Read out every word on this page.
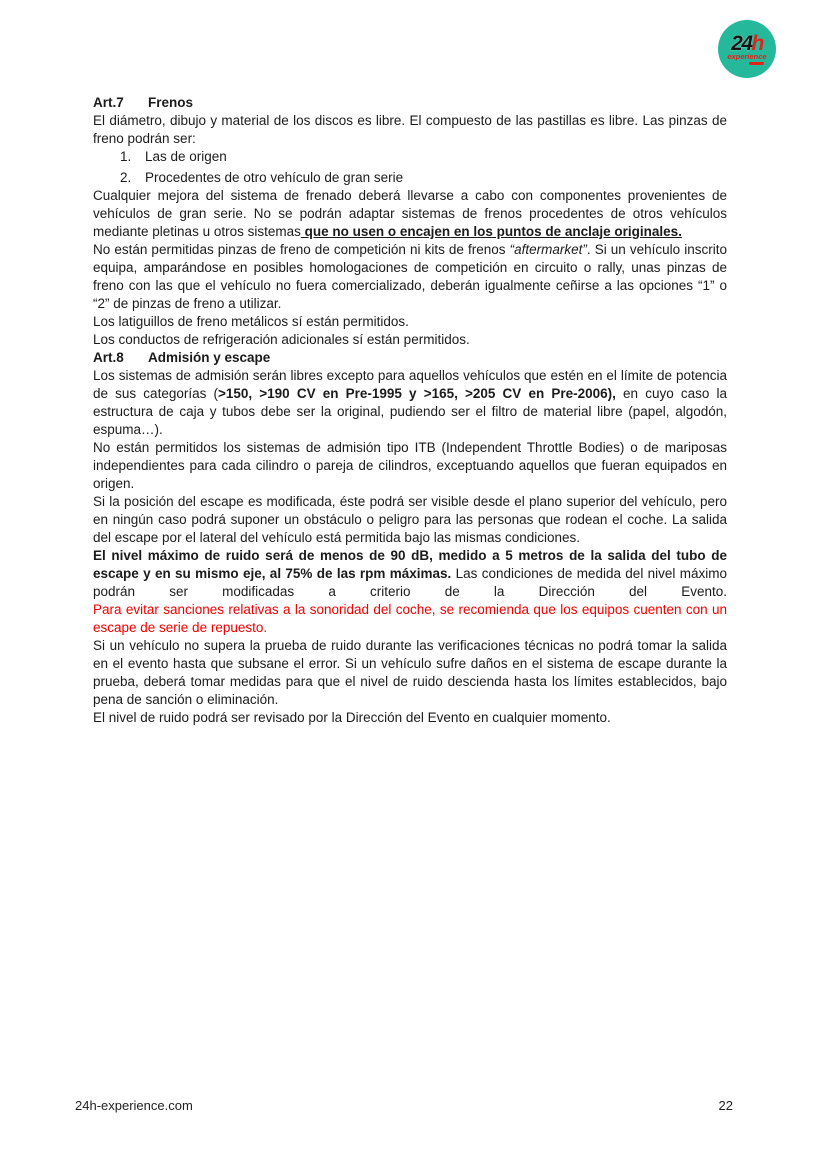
24h
experience
Art.7 Frenos

El diámetro, dibujo y material de los discos es libre. El compuesto de las pastillas es libre. Las pinzas de freno podrán ser:

1.	Las de origen
2.	Procedentes de otro vehículo de gran serie

Cualquier mejora del sistema de frenado deberá llevarse a cabo con componentes provenientes de vehículos de gran serie. No se podrán adaptar sistemas de frenos procedentes de otros vehículos mediante pletinas u otros sistemas que no usen o encajen en los puntos de anclaje originales.

No están permitidas pinzas de freno de competición ni kits de frenos “aftermarket”. Si un vehículo inscrito equipa, amparándose en posibles homologaciones de competición en circuito o rally, unas pinzas de freno con las que el vehículo no fuera comercializado, deberán igualmente ceñirse a las opciones “1” o “2” de pinzas de freno a utilizar.

Los latiguillos de freno metálicos sí están permitidos.

Los conductos de refrigeración adicionales sí están permitidos.

Art.8 Admisión y escape

Los sistemas de admisión serán libres excepto para aquellos vehículos que estén en el límite de potencia de sus categorías (>150, >190 CV en Pre-1995 y >165, >205 CV en Pre-2006), en cuyo caso la estructura de caja y tubos debe ser la original, pudiendo ser el filtro de material libre (papel, algodón, espuma…).

No están permitidos los sistemas de admisión tipo ITB (Independent Throttle Bodies) o de mariposas independientes para cada cilindro o pareja de cilindros, exceptuando aquellos que fueran equipados en origen.

Si la posición del escape es modificada, éste podrá ser visible desde el plano superior del vehículo, pero en ningún caso podrá suponer un obstáculo o peligro para las personas que rodean el coche. La salida del escape por el lateral del vehículo está permitida bajo las mismas condiciones.

El nivel máximo de ruido será de menos de 90 dB, medido a 5 metros de la salida del tubo de escape y en su mismo eje, al 75% de las rpm máximas. Las condiciones de medida del nivel máximo podrán ser modificadas a criterio de la Dirección del Evento.

Para evitar sanciones relativas a la sonoridad del coche, se recomienda que los equipos cuenten con un escape de serie de repuesto.

Si un vehículo no supera la prueba de ruido durante las verificaciones técnicas no podrá tomar la salida en el evento hasta que subsane el error. Si un vehículo sufre daños en el sistema de escape durante la prueba, deberá tomar medidas para que el nivel de ruido descienda hasta los límites establecidos, bajo pena de sanción o eliminación.

El nivel de ruido podrá ser revisado por la Dirección del Evento en cualquier momento.

24h-experience.com	22
